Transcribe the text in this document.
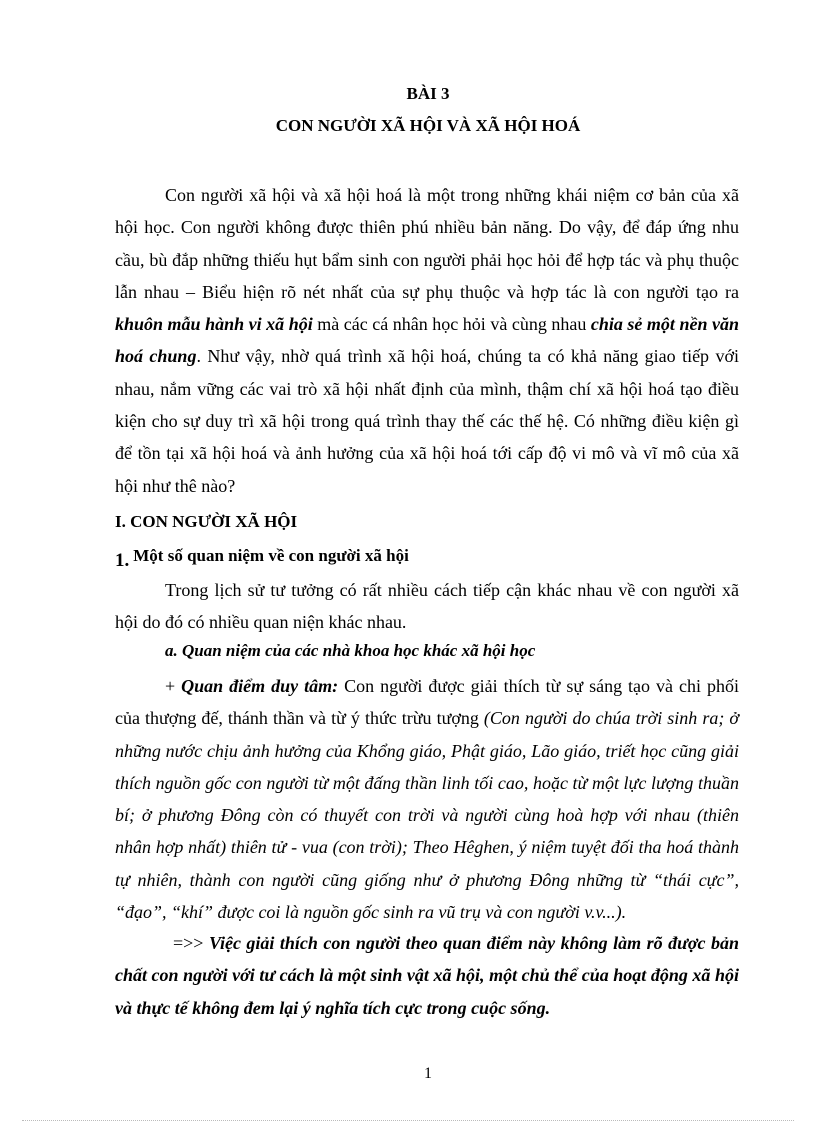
BÀI 3
CON NGƯỜI XÃ HỘI VÀ XÃ HỘI HOÁ

Con người xã hội và xã hội hoá là một trong những khái niệm cơ bản của xã hội học. Con người không được thiên phú nhiều bản năng. Do vậy, để đáp ứng nhu cầu, bù đắp những thiếu hụt bẩm sinh con người phải học hỏi để hợp tác và phụ thuộc lẫn nhau – Biểu hiện rõ nét nhất của sự phụ thuộc và hợp tác là con người tạo ra khuôn mẫu hành vi xã hội mà các cá nhân học hỏi và cùng nhau chia sẻ một nền văn hoá chung. Như vậy, nhờ quá trình xã hội hoá, chúng ta có khả năng giao tiếp với nhau, nắm vững các vai trò xã hội nhất định của mình, thậm chí xã hội hoá tạo điều kiện cho sự duy trì xã hội trong quá trình thay thế các thế hệ. Có những điều kiện gì để tồn tại xã hội hoá và ảnh hưởng của xã hội hoá tới cấp độ vi mô và vĩ mô của xã hội như thê nào?

I. CON NGƯỜI XÃ HỘI
1. Một số quan niệm về con người xã hội

Trong lịch sử tư tưởng có rất nhiều cách tiếp cận khác nhau về con người xã hội do đó có nhiều quan niện khác nhau.

a. Quan niệm của các nhà khoa học khác xã hội học

+ Quan điểm duy tâm: Con người được giải thích từ sự sáng tạo và chi phối của thượng đế, thánh thần và từ ý thức trừu tượng (Con người do chúa trời sinh ra; ở những nước chịu ảnh hưởng của Khổng giáo, Phật giáo, Lão giáo, triết học cũng giải thích nguồn gốc con người từ một đấng thần linh tối cao, hoặc từ một lực lượng thuần bí; ở phương Đông còn có thuyết con trời và người cùng hoà hợp với nhau (thiên nhân hợp nhất) thiên tử - vua (con trời); Theo Hêghen, ý niệm tuyệt đối tha hoá thành tự nhiên, thành con người cũng giống như ở phương Đông những từ “thái cực”, “đạo”, “khí” được coi là nguồn gốc sinh ra vũ trụ và con người v.v...).

=>> Việc giải thích con người theo quan điểm này không làm rõ được bản chất con người với tư cách là một sinh vật xã hội, một chủ thể của hoạt động xã hội và thực tế không đem lại ý nghĩa tích cực trong cuộc sống.

1
